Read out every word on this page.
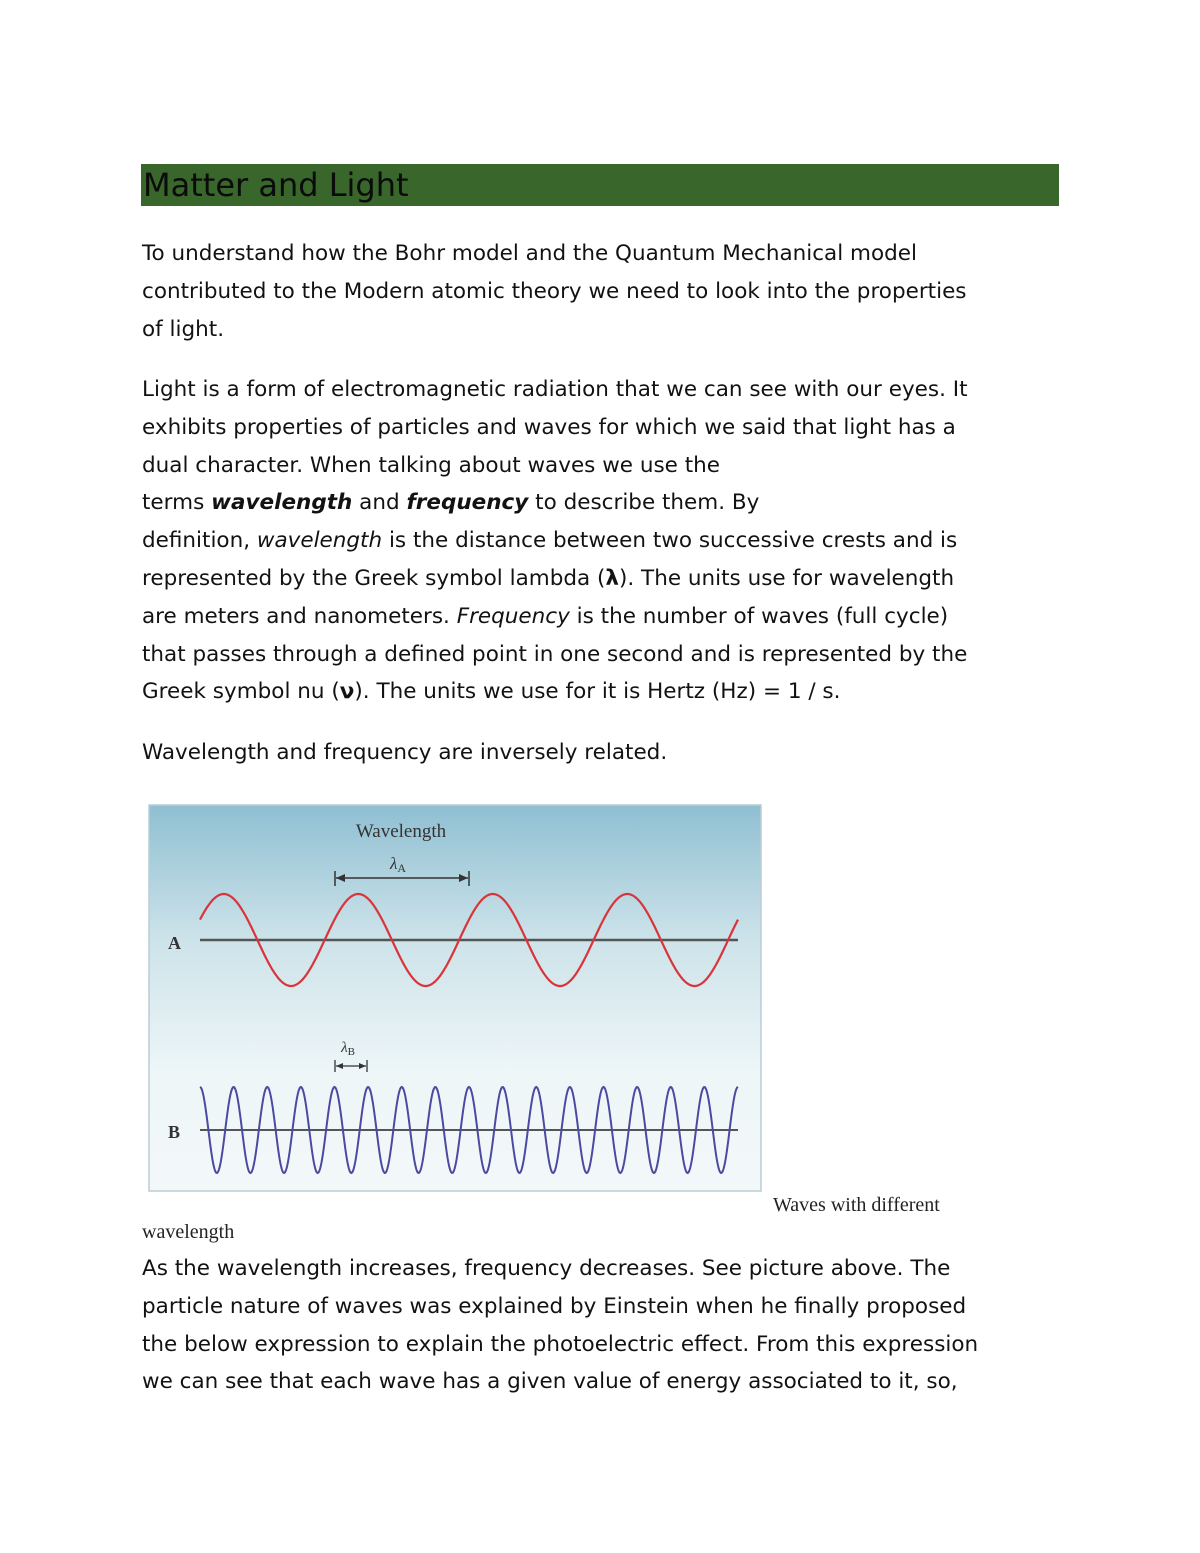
Matter and Light

To understand how the Bohr model and the Quantum Mechanical model
contributed to the Modern atomic theory we need to look into the properties
of light.

Light is a form of electromagnetic radiation that we can see with our eyes. It
exhibits properties of particles and waves for which we said that light has a
dual character. When talking about waves we use the
terms wavelength and frequency to describe them. By
definition, wavelength is the distance between two successive crests and is
represented by the Greek symbol lambda (λ). The units use for wavelength
are meters and nanometers. Frequency is the number of waves (full cycle)
that passes through a defined point in one second and is represented by the
Greek symbol nu (ν). The units we use for it is Hertz (Hz) = 1 / s.

Wavelength and frequency are inversely related.

Wavelength
λA
A
$\lambda_B$
B
Waves with different
wavelength

As the wavelength increases, frequency decreases. See picture above. The
particle nature of waves was explained by Einstein when he finally proposed
the below expression to explain the photoelectric effect. From this expression
we can see that each wave has a given value of energy associated to it, so,
